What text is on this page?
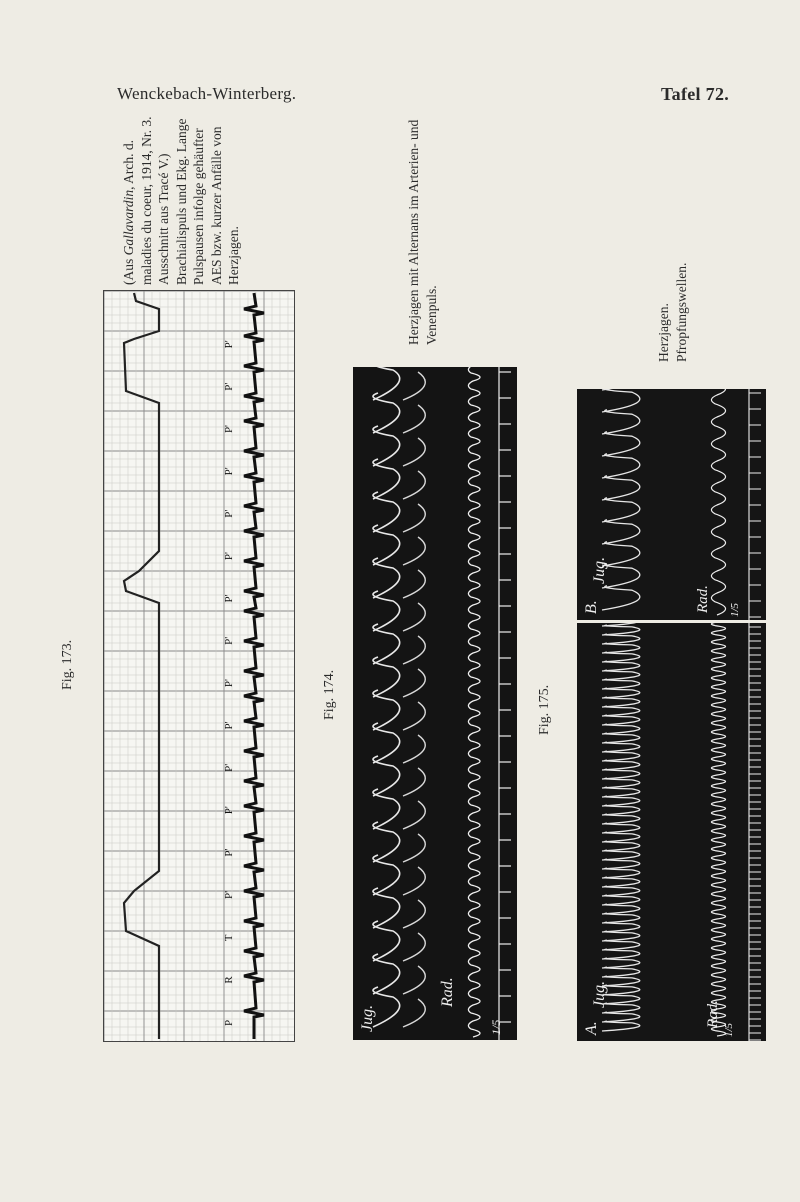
Wenckebach-Winterberg.	Tafel 72.
Fig. 173.
(Aus Gallavardin, Arch. d. maladies du coeur, 1914, Nr. 3. Ausschnitt aus Tracé V.) Brachialispuls und Ekg. Lange Pulspausen infolge gehäufter AES bzw. kurzer Anfälle von Herzjagen.
P
R
T
P'
P'
P'
P'
P'
P'
P'
P'
P'
P'
P'
P'
P'
P'
Fig. 174.
Herzjagen mit Alternans im Arterien- und Venenpuls.
Jug.
Rad.
1/5
Fig. 175.
Herzjagen. Pfropfungswellen.
B.
Jug.
Rad. 1/5
A.
Jug.
Rad.
1/5
